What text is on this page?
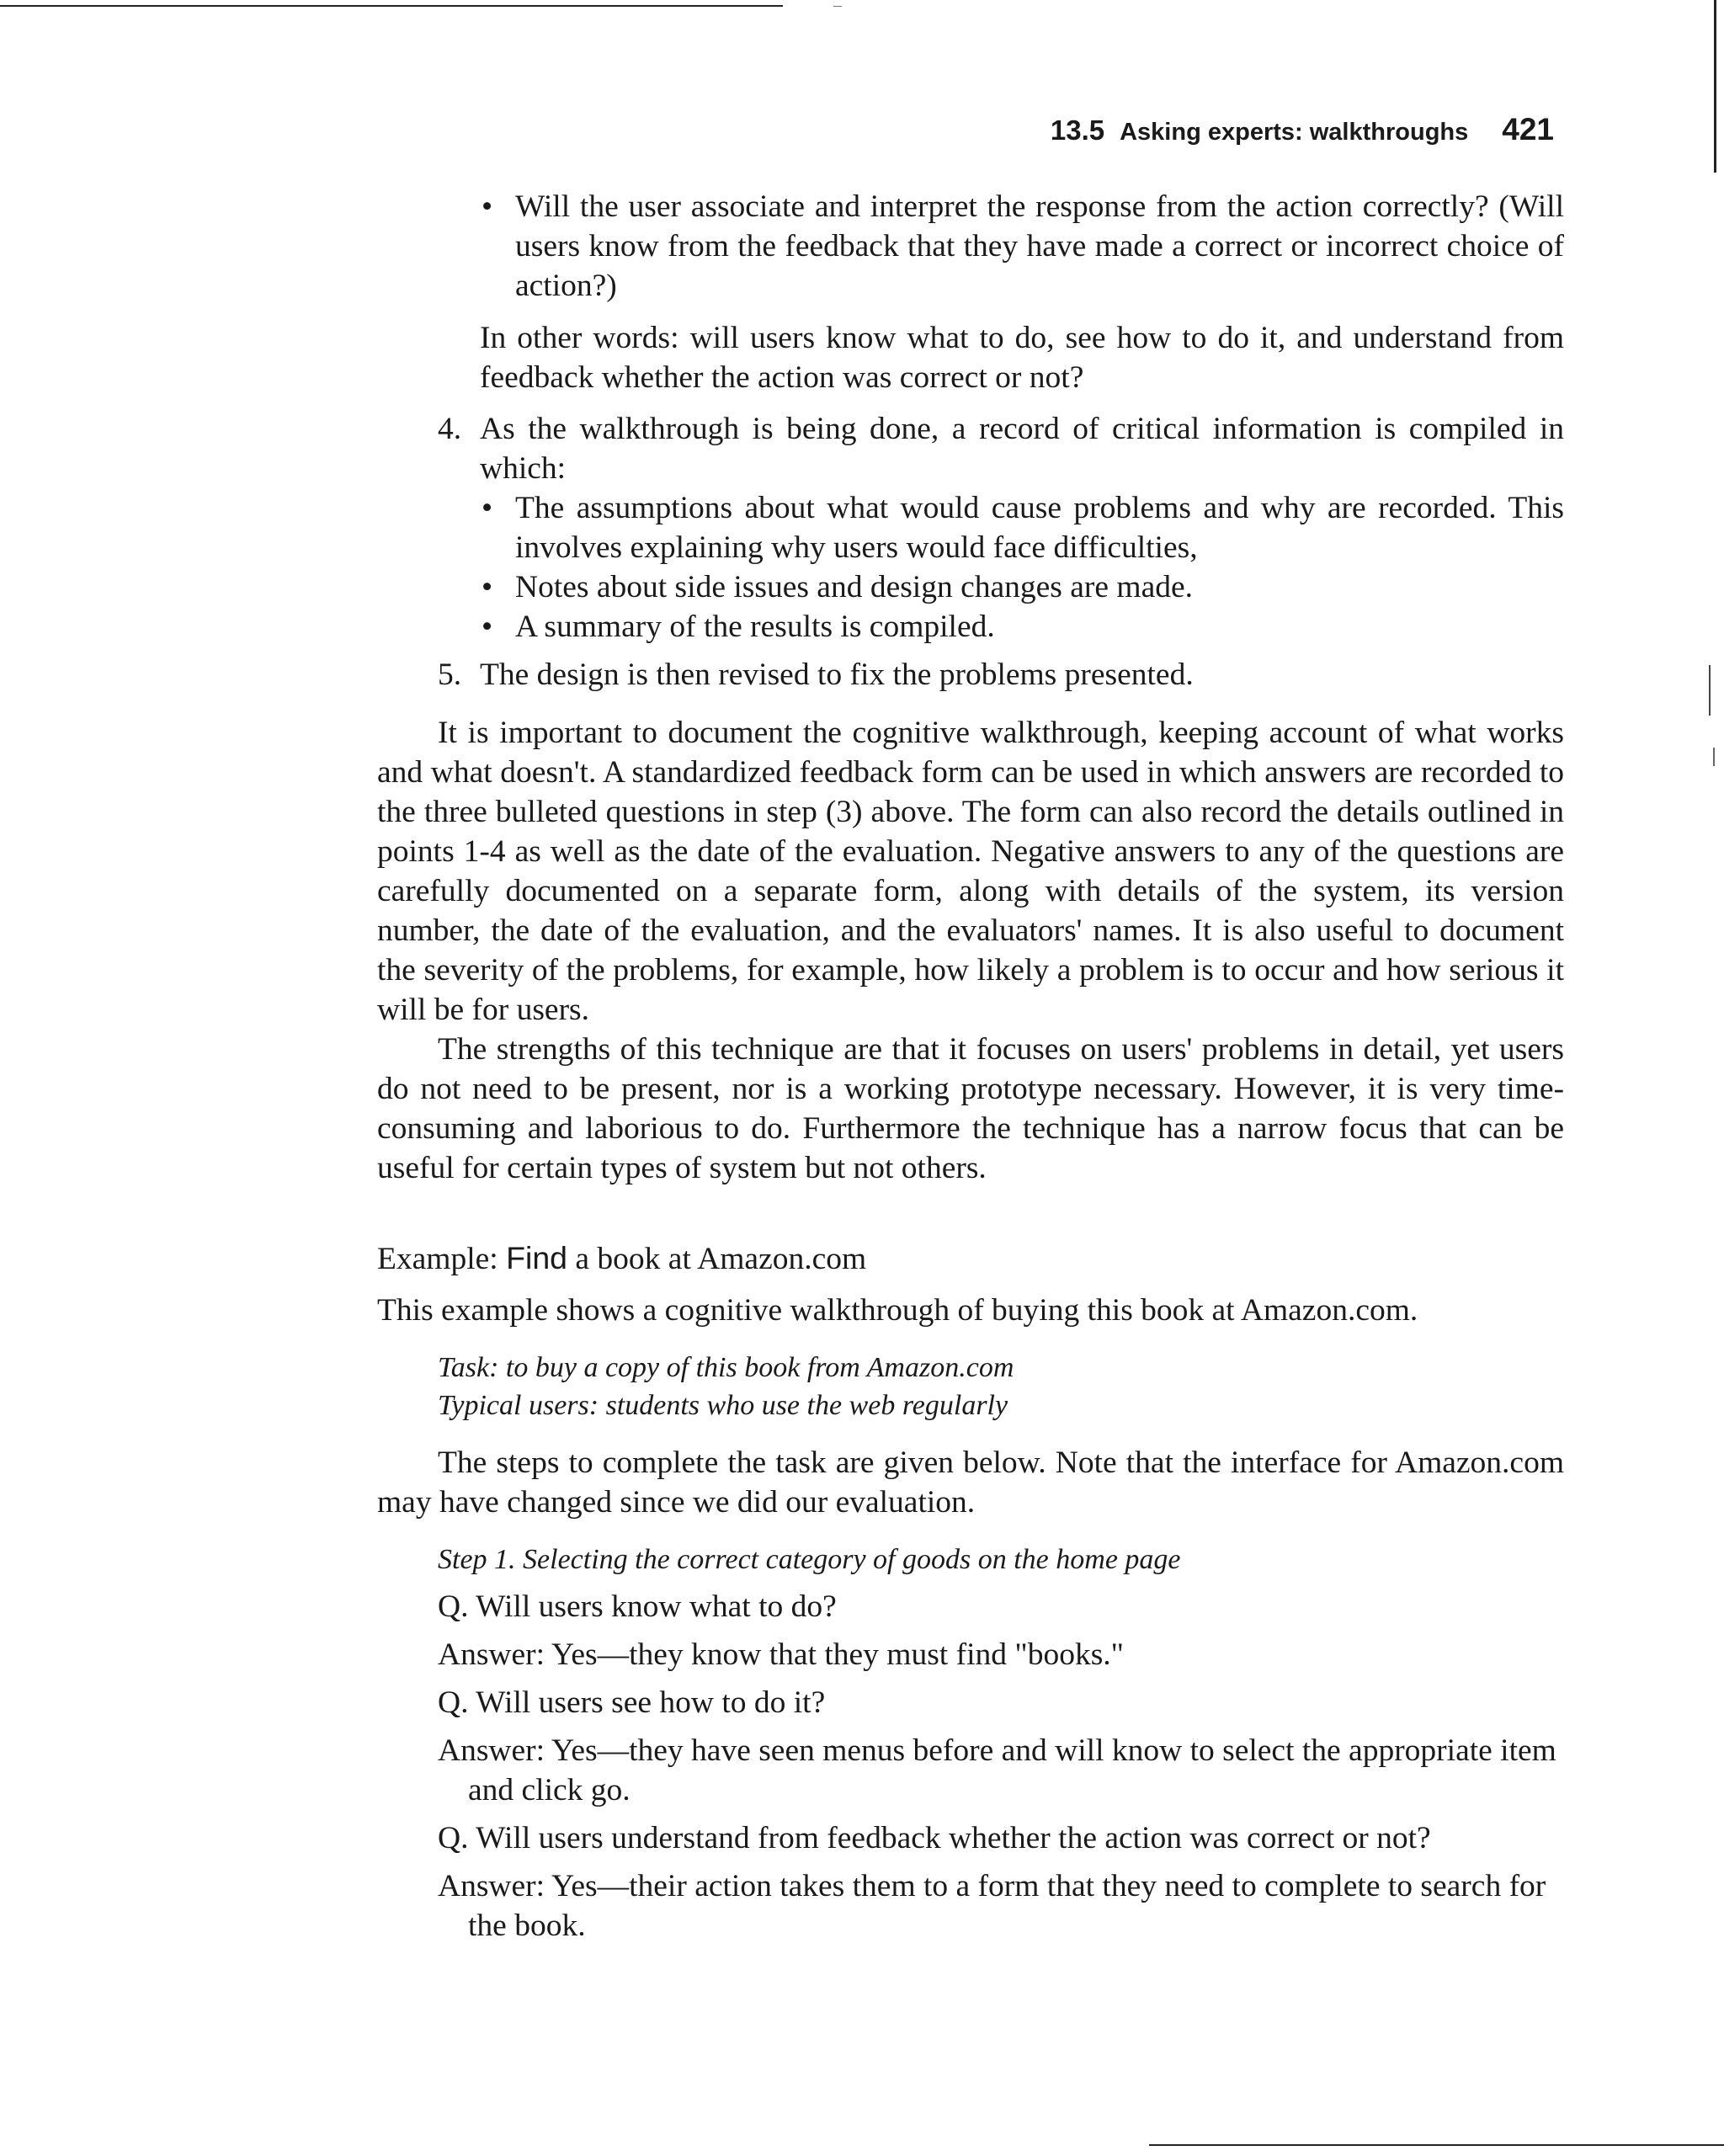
13.5 Asking experts: walkthroughs 421
• Will the user associate and interpret the response from the action correctly? (Will users know from the feedback that they have made a correct or incorrect choice of action?)

In other words: will users know what to do, see how to do it, and understand from feedback whether the action was correct or not?

4. As the walkthrough is being done, a record of critical information is compiled in which:
• The assumptions about what would cause problems and why are recorded. This involves explaining why users would face difficulties,
• Notes about side issues and design changes are made.
• A summary of the results is compiled.
5. The design is then revised to fix the problems presented.

It is important to document the cognitive walkthrough, keeping account of what works and what doesn't. A standardized feedback form can be used in which answers are recorded to the three bulleted questions in step (3) above. The form can also record the details outlined in points 1-4 as well as the date of the evaluation. Negative answers to any of the questions are carefully documented on a separate form, along with details of the system, its version number, the date of the evaluation, and the evaluators' names. It is also useful to document the severity of the problems, for example, how likely a problem is to occur and how serious it will be for users.

The strengths of this technique are that it focuses on users' problems in detail, yet users do not need to be present, nor is a working prototype necessary. However, it is very time-consuming and laborious to do. Furthermore the technique has a narrow focus that can be useful for certain types of system but not others.

Example: Find a book at Amazon.com

This example shows a cognitive walkthrough of buying this book at Amazon.com.

Task: to buy a copy of this book from Amazon.com
Typical users: students who use the web regularly

The steps to complete the task are given below. Note that the interface for Amazon.com may have changed since we did our evaluation.

Step 1. Selecting the correct category of goods on the home page

Q. Will users know what to do?

Answer: Yes—they know that they must find "books."

Q. Will users see how to do it?

Answer: Yes—they have seen menus before and will know to select the appropriate item and click go.

Q. Will users understand from feedback whether the action was correct or not?

Answer: Yes—their action takes them to a form that they need to complete to search for the book.
